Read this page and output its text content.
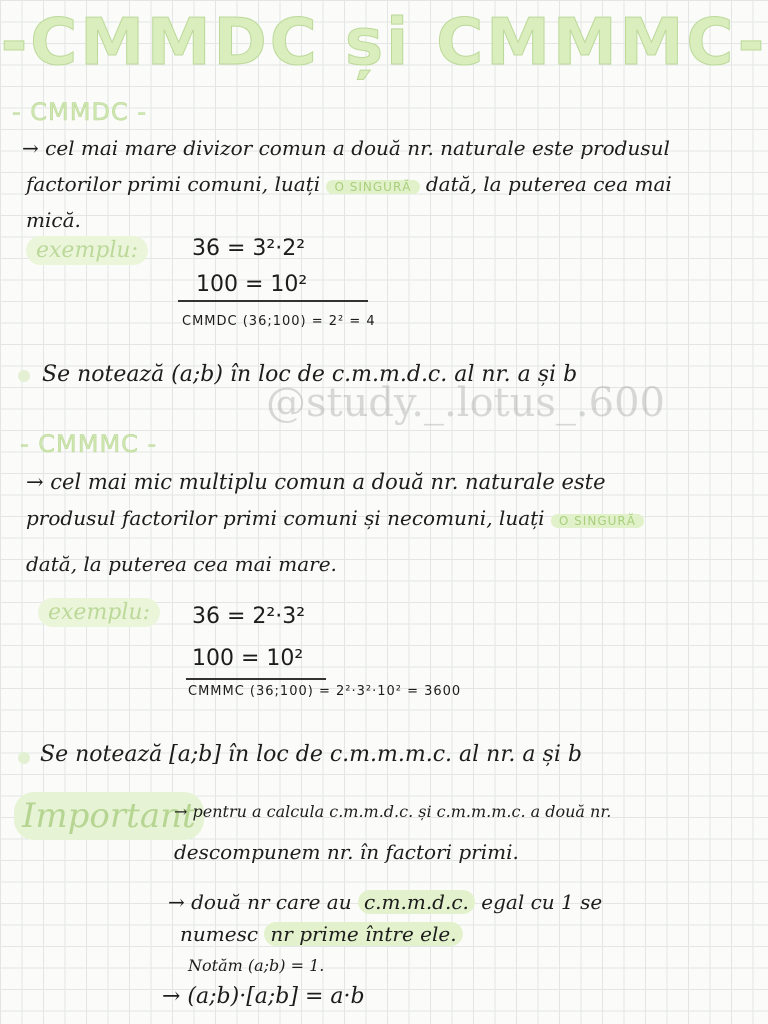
-CMMDC și CMMMC-
@study._.lotus_.600
- CMMDC -
→ cel mai mare divizor comun a două nr. naturale este produsul
factorilor primi comuni, luați O SINGURĂ dată, la puterea cea mai
mică.
exemplu:	36 = 3²·2²
100 = 10²
CMMDC (36;100) = 2² = 4
Se notează (a;b) în loc de c.m.m.d.c. al nr. a și b
- CMMMC -
→ cel mai mic multiplu comun a două nr. naturale este
produsul factorilor primi comuni și necomuni, luați O SINGURĂ
dată, la puterea cea mai mare.
exemplu:	36 = 2²·3²
100 = 10²
CMMMC (36;100) = 2²·3²·10² = 3600
Se notează [a;b] în loc de c.m.m.m.c. al nr. a și b
Important
→ pentru a calcula c.m.m.d.c. și c.m.m.m.c. a două nr.
descompunem nr. în factori primi.
→ două nr care au c.m.m.d.c. egal cu 1 se
numesc nr prime între ele.
Notăm (a;b) = 1.
→ (a;b)·[a;b] = a·b
